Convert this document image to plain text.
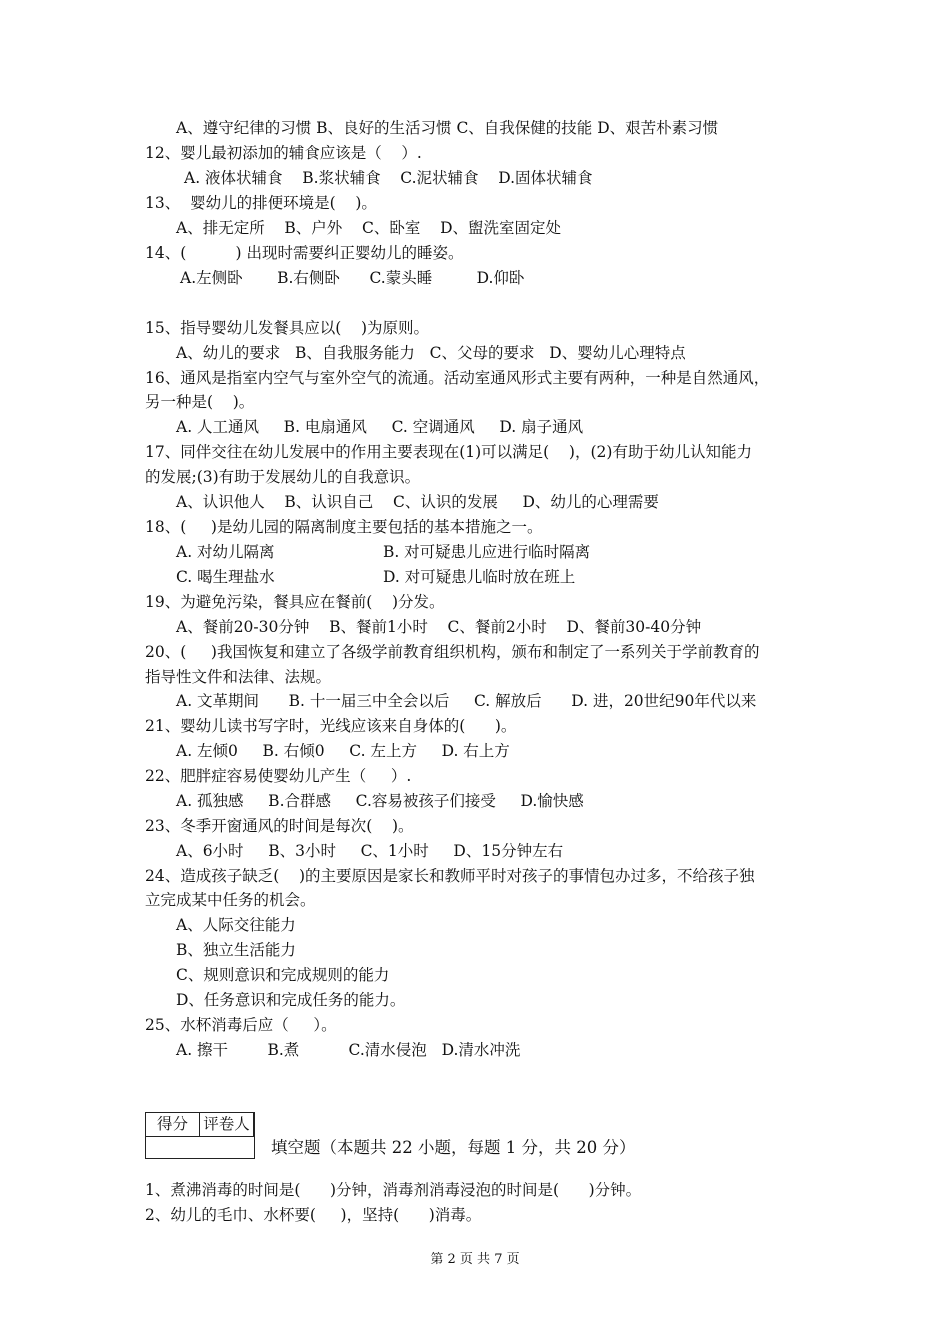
A、遵守纪律的习惯 B、良好的生活习惯 C、自我保健的技能 D、艰苦朴素习惯
12、婴儿最初添加的辅食应该是（    ）.
A. 液体状辅食    B.浆状辅食    C.泥状辅食    D.固体状辅食
13、  婴幼儿的排便环境是(    )。
A、排无定所    B、户外    C、卧室    D、盥洗室固定处
14、(          ) 出现时需要纠正婴幼儿的睡姿。
A.左侧卧       B.右侧卧      C.蒙头睡         D.仰卧
15、指导婴幼儿发餐具应以(    )为原则。
A、幼儿的要求   B、自我服务能力   C、父母的要求   D、婴幼儿心理特点
16、通风是指室内空气与室外空气的流通。活动室通风形式主要有两种，一种是自然通风，
另一种是(    )。
A. 人工通风     B. 电扇通风     C. 空调通风     D. 扇子通风
17、同伴交往在幼儿发展中的作用主要表现在(1)可以满足(    )，(2)有助于幼儿认知能力
的发展;(3)有助于发展幼儿的自我意识。
A、认识他人    B、认识自己    C、认识的发展     D、幼儿的心理需要
18、(     )是幼儿园的隔离制度主要包括的基本措施之一。
A. 对幼儿隔离                      B. 对可疑患儿应进行临时隔离
C. 喝生理盐水                      D. 对可疑患儿临时放在班上
19、为避免污染，餐具应在餐前(    )分发。
A、餐前20-30分钟    B、餐前1小时    C、餐前2小时    D、餐前30-40分钟
20、(     )我国恢复和建立了各级学前教育组织机构，颁布和制定了一系列关于学前教育的
指导性文件和法律、法规。
A. 文革期间      B. 十一届三中全会以后     C. 解放后      D. 进，20世纪90年代以来
21、婴幼儿读书写字时，光线应该来自身体的(      )。
A. 左倾0     B. 右倾0     C. 左上方     D. 右上方
22、肥胖症容易使婴幼儿产生（     ）.
A. 孤独感     B.合群感     C.容易被孩子们接受     D.愉快感
23、冬季开窗通风的时间是每次(    )。
A、6小时     B、3小时     C、1小时     D、15分钟左右
24、造成孩子缺乏(    )的主要原因是家长和教师平时对孩子的事情包办过多，不给孩子独
立完成某中任务的机会。
A、人际交往能力
B、独立生活能力
C、规则意识和完成规则的能力
D、任务意识和完成任务的能力。
25、水杯消毒后应（     ）。
A. 擦干        B.煮          C.清水侵泡   D.清水冲洗
得分 评卷人
填空题（本题共 22 小题，每题 1 分，共 20 分）
1、煮沸消毒的时间是(      )分钟，消毒剂消毒浸泡的时间是(      )分钟。
2、幼儿的毛巾、水杯要(     )，坚持(      )消毒。
第 2 页 共 7 页
